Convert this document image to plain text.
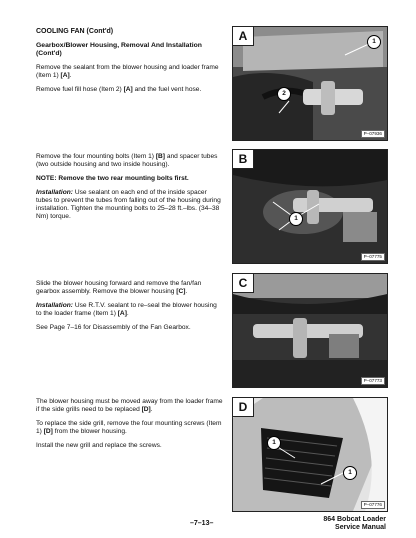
COOLING FAN (Cont'd)
Gearbox/Blower Housing, Removal And Installation (Cont'd)

Remove the sealant from the blower housing and loader frame (Item 1) [A].

Remove fuel fill hose (Item 2) [A] and the fuel vent hose.

Remove the four mounting bolts (Item 1) [B] and spacer tubes (two outside housing and two inside housing).

NOTE: Remove the two rear mounting bolts first.

Installation: Use sealant on each end of the inside spacer tubes to prevent the tubes from falling out of the housing during installation. Tighten the mounting bolts to 25–28 ft.–lbs. (34–38 Nm) torque.

Slide the blower housing forward and remove the fan/fan gearbox assembly. Remove the blower housing [C].

Installation: Use R.T.V. sealant to re–seal the blower housing to the loader frame (Item 1) [A].

See Page 7–16 for Disassembly of the Fan Gearbox.

The blower housing must be moved away from the loader frame if the side grills need to be replaced [D].

To replace the side grill, remove the four mounting screws (Item 1) [D] from the blower housing.

Install the new grill and replace the screws.

A	1
2
P–07936
B
1
P–07775
C
P–07773
D
1
1
P–07776
–7–13–
864 Bobcat Loader
Service Manual
